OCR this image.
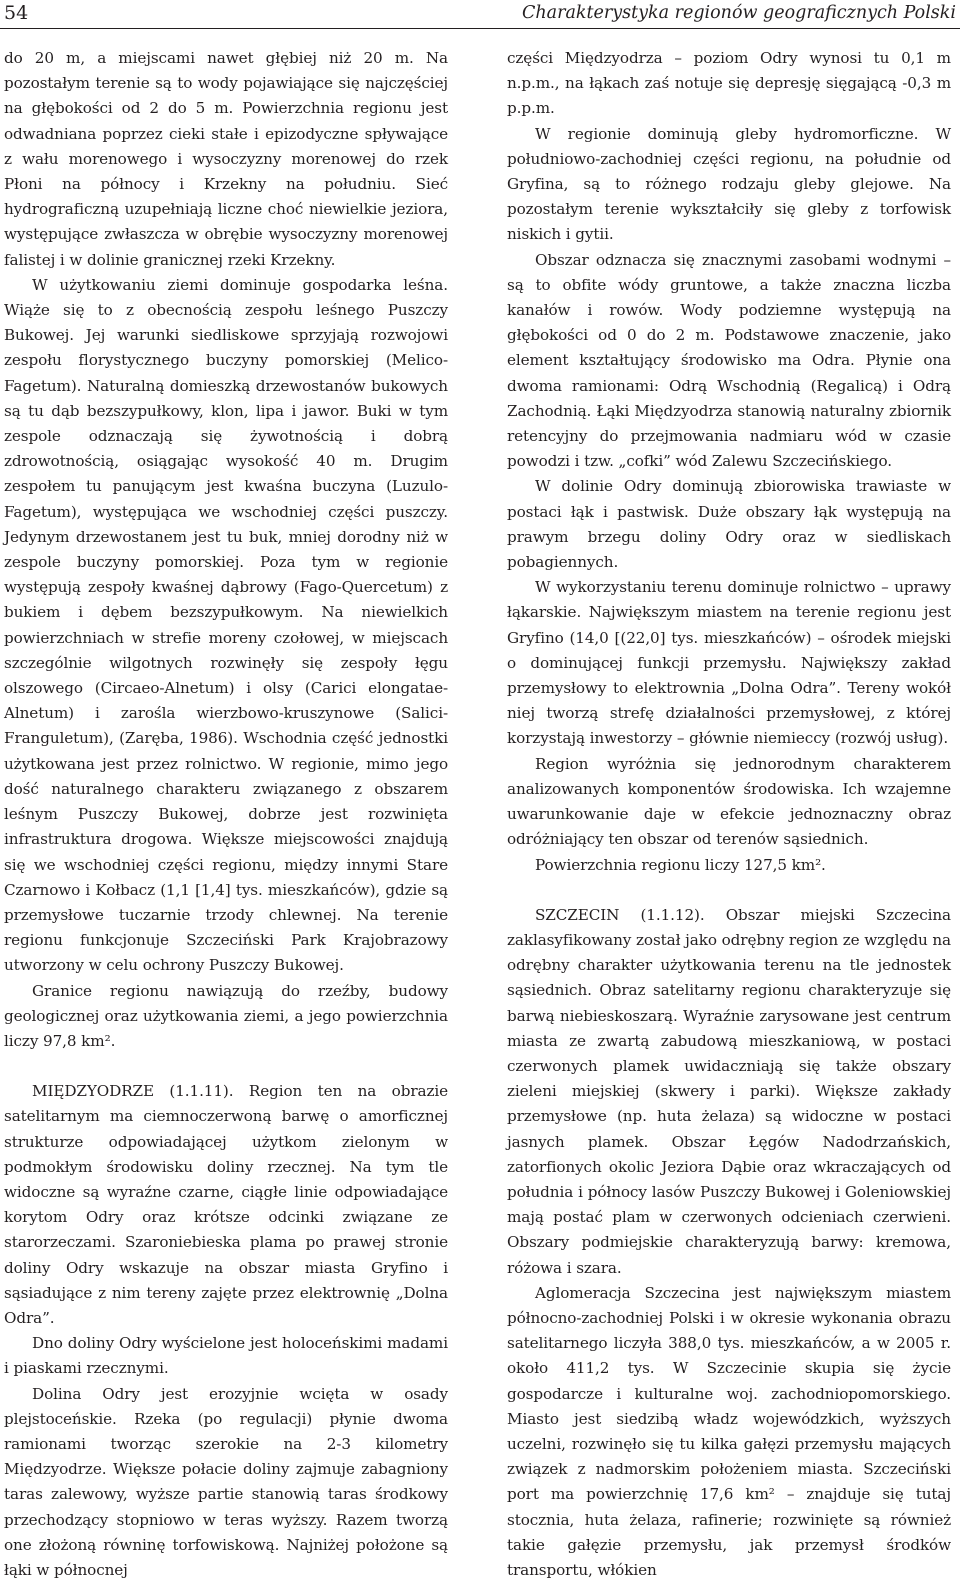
54	Charakterystyka regionów geograficznych Polski

do 20 m, a miejscami nawet głębiej niż 20 m. Na pozostałym terenie są to wody pojawiające się najczęściej na głębokości od 2 do 5 m. Powierzchnia regionu jest odwadniana poprzez cieki stałe i epizodyczne spływające z wału morenowego i wysoczyzny morenowej do rzek Płoni na północy i Krzekny na południu. Sieć hydrograficzną uzupełniają liczne choć niewielkie jeziora, występujące zwłaszcza w obrębie wysoczyzny morenowej falistej i w dolinie granicznej rzeki Krzekny.

W użytkowaniu ziemi dominuje gospodarka leśna. Wiąże się to z obecnością zespołu leśnego Puszczy Bukowej. Jej warunki siedliskowe sprzyjają rozwojowi zespołu florystycznego buczyny pomorskiej (Melico-Fagetum). Naturalną domieszką drzewostanów bukowych są tu dąb bezszypułkowy, klon, lipa i jawor. Buki w tym zespole odznaczają się żywotnością i dobrą zdrowotnością, osiągając wysokość 40 m. Drugim zespołem tu panującym jest kwaśna buczyna (Luzulo-Fagetum), występująca we wschodniej części puszczy. Jedynym drzewostanem jest tu buk, mniej dorodny niż w zespole buczyny pomorskiej. Poza tym w regionie występują zespoły kwaśnej dąbrowy (Fago-Quercetum) z bukiem i dębem bezszypułkowym. Na niewielkich powierzchniach w strefie moreny czołowej, w miejscach szczególnie wilgotnych rozwinęły się zespoły łęgu olszowego (Circaeo-Alnetum) i olsy (Carici elongatae-Alnetum) i zarośla wierzbowo-kruszynowe (Salici-Franguletum), (Zaręba, 1986). Wschodnia część jednostki użytkowana jest przez rolnictwo. W regionie, mimo jego dość naturalnego charakteru związanego z obszarem leśnym Puszczy Bukowej, dobrze jest rozwinięta infrastruktura drogowa. Większe miejscowości znajdują się we wschodniej części regionu, między innymi Stare Czarnowo i Kołbacz (1,1 [1,4] tys. mieszkańców), gdzie są przemysłowe tuczarnie trzody chlewnej. Na terenie regionu funkcjonuje Szczeciński Park Krajobrazowy utworzony w celu ochrony Puszczy Bukowej.

Granice regionu nawiązują do rzeźby, budowy geologicznej oraz użytkowania ziemi, a jego powierzchnia liczy 97,8 km².

MIĘDZYODRZE (1.1.11). Region ten na obrazie satelitarnym ma ciemnoczerwoną barwę o amorficznej strukturze odpowiadającej użytkom zielonym w podmokłym środowisku doliny rzecznej. Na tym tle widoczne są wyraźne czarne, ciągłe linie odpowiadające korytom Odry oraz krótsze odcinki związane ze starorzeczami. Szaroniebieska plama po prawej stronie doliny Odry wskazuje na obszar miasta Gryfino i sąsiadujące z nim tereny zajęte przez elektrownię „Dolna Odra”.

Dno doliny Odry wyścielone jest holoceńskimi madami i piaskami rzecznymi.

Dolina Odry jest erozyjnie wcięta w osady plejstoceńskie. Rzeka (po regulacji) płynie dwoma ramionami tworząc szerokie na 2-3 kilometry Międzyodrze. Większe połacie doliny zajmuje zabagniony taras zalewowy, wyższe partie stanowią taras środkowy przechodzący stopniowo w teras wyższy. Razem tworzą one złożoną równinę torfowiskową. Najniżej położone są łąki w północnej

części Międzyodrza – poziom Odry wynosi tu 0,1 m n.p.m., na łąkach zaś notuje się depresję sięgającą -0,3 m p.p.m.

W regionie dominują gleby hydromorficzne. W południowo-zachodniej części regionu, na południe od Gryfina, są to różnego rodzaju gleby glejowe. Na pozostałym terenie wykształciły się gleby z torfowisk niskich i gytii.

Obszar odznacza się znacznymi zasobami wodnymi – są to obfite wódy gruntowe, a także znaczna liczba kanałów i rowów. Wody podziemne występują na głębokości od 0 do 2 m. Podstawowe znaczenie, jako element kształtujący środowisko ma Odra. Płynie ona dwoma ramionami: Odrą Wschodnią (Regalicą) i Odrą Zachodnią. Łąki Międzyodrza stanowią naturalny zbiornik retencyjny do przejmowania nadmiaru wód w czasie powodzi i tzw. „cofki” wód Zalewu Szczecińskiego.

W dolinie Odry dominują zbiorowiska trawiaste w postaci łąk i pastwisk. Duże obszary łąk występują na prawym brzegu doliny Odry oraz w siedliskach pobagiennych.

W wykorzystaniu terenu dominuje rolnictwo – uprawy łąkarskie. Największym miastem na terenie regionu jest Gryfino (14,0 [(22,0] tys. mieszkańców) – ośrodek miejski o dominującej funkcji przemysłu. Największy zakład przemysłowy to elektrownia „Dolna Odra”. Tereny wokół niej tworzą strefę działalności przemysłowej, z której korzystają inwestorzy – głównie niemieccy (rozwój usług).

Region wyróżnia się jednorodnym charakterem analizowanych komponentów środowiska. Ich wzajemne uwarunkowanie daje w efekcie jednoznaczny obraz odróżniający ten obszar od terenów sąsiednich.

Powierzchnia regionu liczy 127,5 km².

SZCZECIN (1.1.12). Obszar miejski Szczecina zaklasyfikowany został jako odrębny region ze względu na odrębny charakter użytkowania terenu na tle jednostek sąsiednich. Obraz satelitarny regionu charakteryzuje się barwą niebieskoszarą. Wyraźnie zarysowane jest centrum miasta ze zwartą zabudową mieszkaniową, w postaci czerwonych plamek uwidaczniają się także obszary zieleni miejskiej (skwery i parki). Większe zakłady przemysłowe (np. huta żelaza) są widoczne w postaci jasnych plamek. Obszar Łęgów Nadodrzańskich, zatorfionych okolic Jeziora Dąbie oraz wkraczających od południa i północy lasów Puszczy Bukowej i Goleniowskiej mają postać plam w czerwonych odcieniach czerwieni. Obszary podmiejskie charakteryzują barwy: kremowa, różowa i szara.

Aglomeracja Szczecina jest największym miastem północno-zachodniej Polski i w okresie wykonania obrazu satelitarnego liczyła 388,0 tys. mieszkańców, a w 2005 r. około 411,2 tys. W Szczecinie skupia się życie gospodarcze i kulturalne woj. zachodniopomorskiego. Miasto jest siedzibą władz wojewódzkich, wyższych uczelni, rozwinęło się tu kilka gałęzi przemysłu mających związek z nadmorskim położeniem miasta. Szczeciński port ma powierzchnię 17,6 km² – znajduje się tutaj stocznia, huta żelaza, rafinerie; rozwinięte są również takie gałęzie przemysłu, jak przemysł środków transportu, włókien
